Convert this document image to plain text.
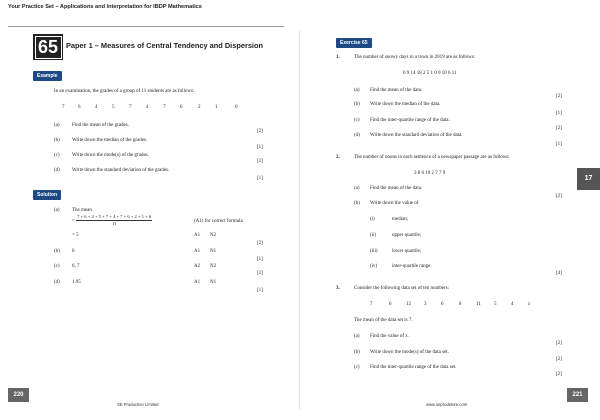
Your Practice Set – Applications and Interpretation for IBDP Mathematics
65	Paper 1 – Measures of Central Tendency and Dispersion
Example
In an examination, the grades of a group of 11 students are as follows:
7	6	4	5	7	4	7	6	2	1	6
(a) Find the mean of the grades.
[2]
(b) Write down the median of the grades.
[1]
(c) Write down the mode(s) of the grades.
[2]
(d) Write down the standard deviation of the grades.
[1]
Solution
(a) The mean
= $\frac{7 + 6 + 4 + 5 + 7 + 4 + 7 + 6 + 2 + 1 + 6}{11}$	(A1) for correct formula
= 5	A1 N2
[2]
(b) 6	A1 N1
[1]
(c) 6, 7	A2 N2
[2]
(d) 1.95	A1 N1
[1]
Exercise 65
1.	The number of snowy days in a town in 2019 are as follows:
0 9 14 18 2 5 1 0 0 10 6 11
(a) Find the mean of the data.
[2]
(b) Write down the median of the data.
[1]
(c) Find the inter-quartile range of the data.
[2]
(d) Write down the standard deviation of the data.
[1]
2.	The number of nouns in each sentence of a newspaper passage are as follows:
3 8 6 10 2 7 7 9
(a) Find the mean of the data.
[2]
(b) Write down the value of
(i)	median;
(ii)	upper quartile;
(iii)	lower quartile;
(iv)	inter-quartile range.
[4]
3.	Consider the following data set of ten numbers:
7	6	12	3	6	8	11	5	4	x
The mean of the data set is 7.
(a) Find the value of x .
[2]
(b) Write down the mode(s) of the data set.
[2]
(c) Find the inter-quartile range of the data set.
[2]
17
220
SE Production Limited	www.seprodstore.com
221
